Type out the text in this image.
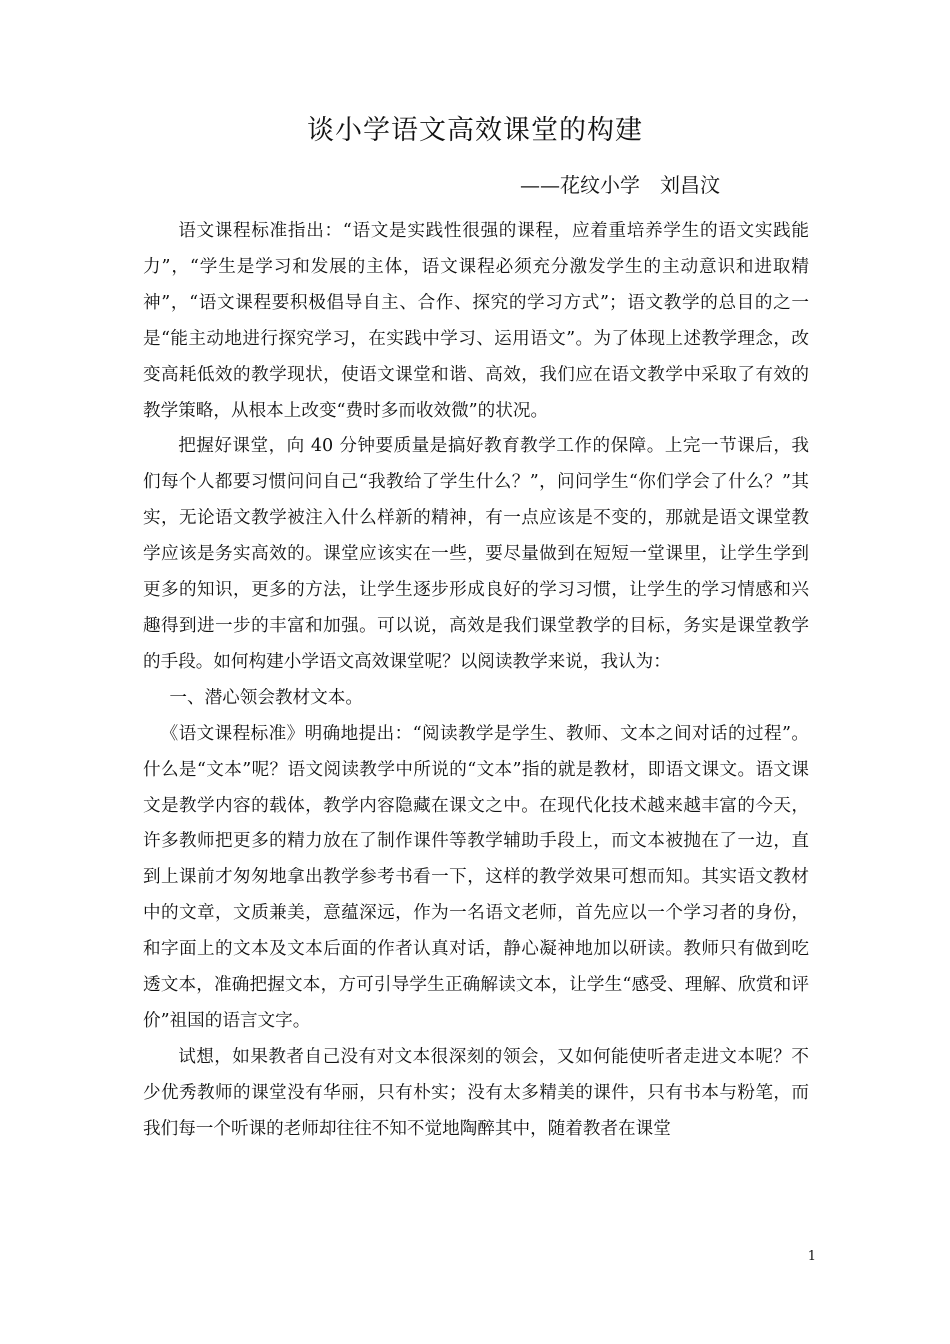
谈小学语文高效课堂的构建

——花纹小学　刘昌汶

语文课程标准指出：“语文是实践性很强的课程，应着重培养学生的语文实践能力”，“学生是学习和发展的主体，语文课程必须充分激发学生的主动意识和进取精神”，“语文课程要积极倡导自主、合作、探究的学习方式”；语文教学的总目的之一是“能主动地进行探究学习，在实践中学习、运用语文”。为了体现上述教学理念，改变高耗低效的教学现状，使语文课堂和谐、高效，我们应在语文教学中采取了有效的教学策略，从根本上改变“费时多而收效微”的状况。

把握好课堂，向 40 分钟要质量是搞好教育教学工作的保障。上完一节课后，我们每个人都要习惯问问自己“我教给了学生什么？”，问问学生“你们学会了什么？”其实，无论语文教学被注入什么样新的精神，有一点应该是不变的，那就是语文课堂教学应该是务实高效的。课堂应该实在一些，要尽量做到在短短一堂课里，让学生学到更多的知识，更多的方法，让学生逐步形成良好的学习习惯，让学生的学习情感和兴趣得到进一步的丰富和加强。可以说，高效是我们课堂教学的目标，务实是课堂教学的手段。如何构建小学语文高效课堂呢？以阅读教学来说，我认为：

一、潜心领会教材文本。

《语文课程标准》明确地提出：“阅读教学是学生、教师、文本之间对话的过程”。什么是“文本”呢？语文阅读教学中所说的“文本”指的就是教材，即语文课文。语文课文是教学内容的载体，教学内容隐藏在课文之中。在现代化技术越来越丰富的今天，许多教师把更多的精力放在了制作课件等教学辅助手段上，而文本被抛在了一边，直到上课前才匆匆地拿出教学参考书看一下，这样的教学效果可想而知。其实语文教材中的文章，文质兼美，意蕴深远，作为一名语文老师，首先应以一个学习者的身份，和字面上的文本及文本后面的作者认真对话，静心凝神地加以研读。教师只有做到吃透文本，准确把握文本，方可引导学生正确解读文本，让学生“感受、理解、欣赏和评价”祖国的语言文字。

试想，如果教者自己没有对文本很深刻的领会，又如何能使听者走进文本呢？不少优秀教师的课堂没有华丽，只有朴实；没有太多精美的课件，只有书本与粉笔，而我们每一个听课的老师却往往不知不觉地陶醉其中，随着教者在课堂

1
